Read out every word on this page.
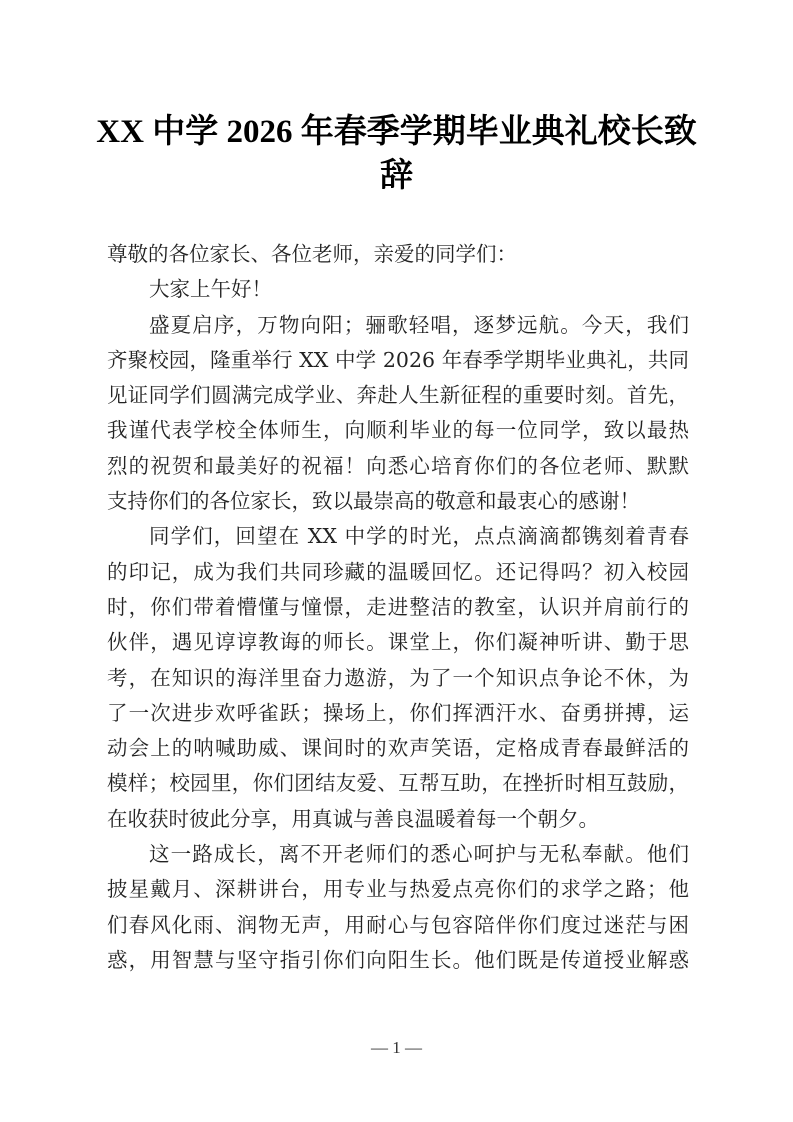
XX 中学 2026 年春季学期毕业典礼校长致
辞
尊敬的各位家长、各位老师，亲爱的同学们：
大家上午好！
盛夏启序，万物向阳；骊歌轻唱，逐梦远航。今天，我们
齐聚校园，隆重举行 XX 中学 2026 年春季学期毕业典礼，共同
见证同学们圆满完成学业、奔赴人生新征程的重要时刻。首先，
我谨代表学校全体师生，向顺利毕业的每一位同学，致以最热
烈的祝贺和最美好的祝福！向悉心培育你们的各位老师、默默
支持你们的各位家长，致以最崇高的敬意和最衷心的感谢！
同学们，回望在 XX 中学的时光，点点滴滴都镌刻着青春
的印记，成为我们共同珍藏的温暖回忆。还记得吗？初入校园
时，你们带着懵懂与憧憬，走进整洁的教室，认识并肩前行的
伙伴，遇见谆谆教诲的师长。课堂上，你们凝神听讲、勤于思
考，在知识的海洋里奋力遨游，为了一个知识点争论不休，为
了一次进步欢呼雀跃；操场上，你们挥洒汗水、奋勇拼搏，运
动会上的呐喊助威、课间时的欢声笑语，定格成青春最鲜活的
模样；校园里，你们团结友爱、互帮互助，在挫折时相互鼓励，
在收获时彼此分享，用真诚与善良温暖着每一个朝夕。
这一路成长，离不开老师们的悉心呵护与无私奉献。他们
披星戴月、深耕讲台，用专业与热爱点亮你们的求学之路；他
们春风化雨、润物无声，用耐心与包容陪伴你们度过迷茫与困
惑，用智慧与坚守指引你们向阳生长。他们既是传道授业解惑
— 1 —
